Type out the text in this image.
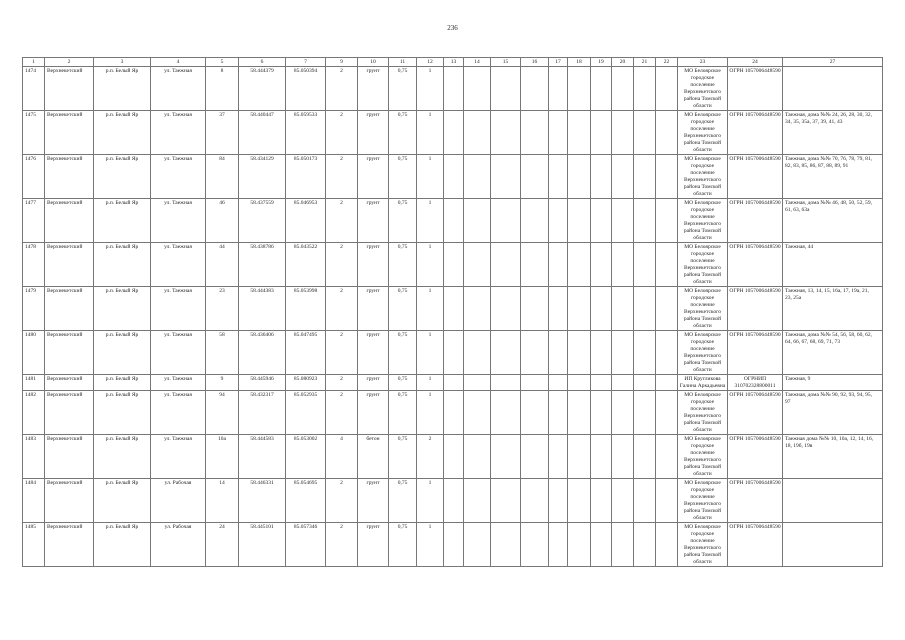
236
1	2	3	4	5	6	7	9	10	11	12	13	14	15	16	17	18	19	20	21	22	23	24	27
1474	Верхнекетский	р.п. Белый Яр	ул. Таежная	8	58.444379	85.050394	2	грунт	0,75	1											МО Белоярское городское поселение Верхнекетского района Томской области	ОГРН 1057006448590	
1475	Верхнекетский	р.п. Белый Яр	ул. Таежная	37	58.440447	85.059533	2	грунт	0,75	1											МО Белоярское городское поселение Верхнекетского района Томской области	ОГРН 1057006448590	Таежная, дома №№ 24, 26, 28, 30, 32, 34, 35, 35а, 37, 39, 41, 43
1476	Верхнекетский	р.п. Белый Яр	ул. Таежная	84	58.434129	85.050173	2	грунт	0,75	1											МО Белоярское городское поселение Верхнекетского района Томской области	ОГРН 1057006448590	Таежная, дома №№ 70, 76, 78, 79, 81, 82, 83, 85, 86, 87, 88, 89, 91
1477	Верхнекетский	р.п. Белый Яр	ул. Таежная	46	58.437559	85.046953	2	грунт	0,75	1											МО Белоярское городское поселение Верхнекетского района Томской области	ОГРН 1057006448590	Таежная, дома №№ 46, 48, 50, 52, 59, 61, 63, 63а
1478	Верхнекетский	р.п. Белый Яр	ул. Таежная	44	58.438786	85.043522	2	грунт	0,75	1											МО Белоярское городское поселение Верхнекетского района Томской области	ОГРН 1057006448590	Таежная, 44
1479	Верхнекетский	р.п. Белый Яр	ул. Таежная	23	58.444383	85.053998	2	грунт	0,75	1											МО Белоярское городское поселение Верхнекетского района Томской области	ОГРН 1057006448590	Таежная, 13, 14, 15, 16а, 17, 19а, 21, 23, 25а
1480	Верхнекетский	р.п. Белый Яр	ул. Таежная	58	58.436406	85.047495	2	грунт	0,75	1											МО Белоярское городское поселение Верхнекетского района Томской области	ОГРН 1057006448590	Таежная, дома №№ 54, 56, 58, 60, 62, 64, 66, 67, 68, 69, 71, 73
1481	Верхнекетский	р.п. Белый Яр	ул. Таежная	9	58.445946	85.080923	2	грунт	0,75	1											ИП Кругликова Галина Аркадьевна	ОГРНИП 310702328800011	Таежная, 9
1482	Верхнекетский	р.п. Белый Яр	ул. Таежная	94	58.432317	85.052935	2	грунт	0,75	1											МО Белоярское городское поселение Верхнекетского района Томской области	ОГРН 1057006448590	Таежная, дома №№ 90, 92, 93, 94, 95, 97
1483	Верхнекетский	р.п. Белый Яр	ул. Таежная	10а	58.444583	85.053002	4	бетон	0,75	2											МО Белоярское городское поселение Верхнекетского района Томской области	ОГРН 1057006448590	Таежная дома №№ 10, 10а, 12, 14, 16, 18, 19б, 19в
1484	Верхнекетский	р.п. Белый Яр	ул. Рабочая	14	58.446331	85.054695	2	грунт	0,75	1											МО Белоярское городское поселение Верхнекетского района Томской области	ОГРН 1057006448590	
1485	Верхнекетский	р.п. Белый Яр	ул. Рабочая	24	58.445101	85.057346	2	грунт	0,75	1											МО Белоярское городское поселение Верхнекетского района Томской области	ОГРН 1057006448590	
